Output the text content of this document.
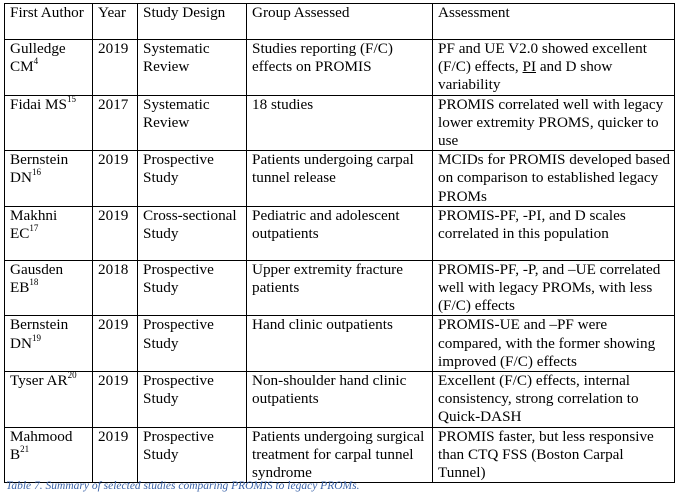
First Author	Year	Study Design	Group Assessed	Assessment
Gulledge $CM^4$	2019	Systematic Review	Studies reporting (F/C) effects on PROMIS	PF and UE V2.0 showed excellent (F/C) effects, PI and D show variability
Fidai MS$^{15}$	2017	Systematic Review	18 studies	PROMIS correlated well with legacy lower extremity PROMS, quicker to use
Bernstein DN$^{16}$	2019	Prospective Study	Patients undergoing carpal tunnel release	MCIDs for PROMIS developed based on comparison to established legacy PROMs
Makhni EC$^{17}$	2019	Cross-sectional Study	Pediatric and adolescent outpatients	PROMIS-PF, -PI, and D scales correlated in this population
Gausden EB$^{18}$	2018	Prospective Study	Upper extremity fracture patients	PROMIS-PF, -P, and –UE correlated well with legacy PROMs, with less (F/C) effects
Bernstein DN$^{19}$	2019	Prospective Study	Hand clinic outpatients	PROMIS-UE and –PF were compared, with the former showing improved (F/C) effects
Tyser AR$^{20}$	2019	Prospective Study	Non-shoulder hand clinic outpatients	Excellent (F/C) effects, internal consistency, strong correlation to Quick-DASH
Mahmood $B^{21}$	2019	Prospective Study	Patients undergoing surgical treatment for carpal tunnel syndrome	PROMIS faster, but less responsive than CTQ FSS (Boston Carpal Tunnel)
Table 7. Summary of selected studies comparing PROMIS to legacy PROMs.
